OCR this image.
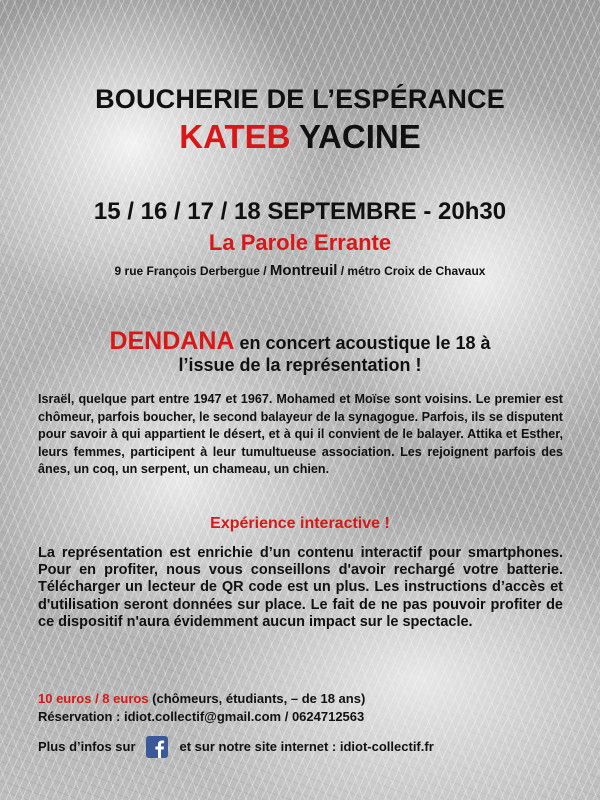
BOUCHERIE DE L’ESPÉRANCE
KATEB YACINE
15 / 16 / 17 / 18 SEPTEMBRE - 20h30
La Parole Errante
9 rue François Derbergue / Montreuil / métro Croix de Chavaux
DENDANA en concert acoustique le 18 à
l’issue de la représentation !
Israël, quelque part entre 1947 et 1967. Mohamed et Moïse sont voisins. Le premier est chômeur, parfois boucher, le second balayeur de la synagogue. Parfois, ils se disputent pour savoir à qui appartient le désert, et à qui il convient de le balayer. Attika et Esther, leurs femmes, participent à leur tumultueuse association. Les rejoignent parfois des ânes, un coq, un serpent, un chameau, un chien.
Expérience interactive !
La représentation est enrichie d’un contenu interactif pour smartphones. Pour en profiter, nous vous conseillons d'avoir rechargé votre batterie. Télécharger un lecteur de QR code est un plus. Les instructions d’accès et d'utilisation seront données sur place. Le fait de ne pas pouvoir profiter de ce dispositif n'aura évidemment aucun impact sur le spectacle.
10 euros / 8 euros (chômeurs, étudiants, – de 18 ans)
Réservation : idiot.collectif@gmail.com / 0624712563
Plus d’infos sur	et sur notre site internet : idiot-collectif.fr
